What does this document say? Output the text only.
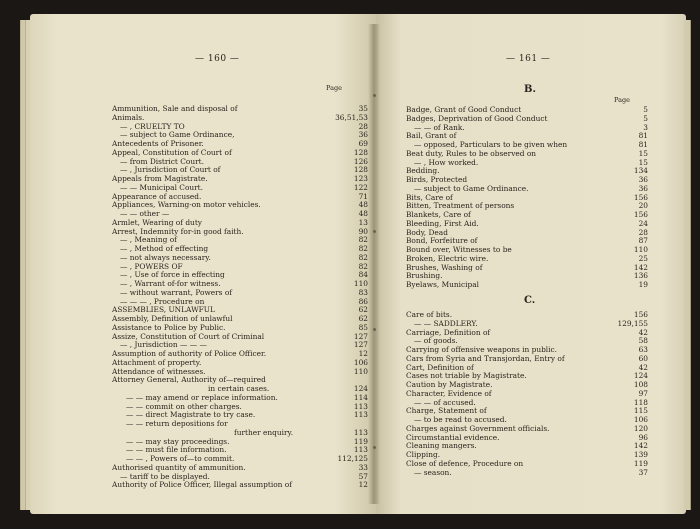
— 160 —
Page
Ammunition, Sale and disposal of	35
Animals.	36,51,53
— , CRUELTY TO	28
— subject to Game Ordinance,	36
Antecedents of Prisoner.	69
Appeal, Constitution of Court of	128
— from District Court.	126
— , Jurisdiction of Court of	128
Appeals from Magistrate.	123
— — Municipal Court.	122
Appearance of accused.	71
Appliances, Warning-on motor vehicles.	48
— — other —	48
Armlet, Wearing of duty	13
Arrest, Indemnity for-in good faith.	90
— , Meaning of	82
— , Method of effecting	82
— not always necessary.	82
— , POWERS OF	82
— , Use of force in effecting	84
— , Warrant of-for witness.	110
— without warrant, Powers of	83
— — — , Procedure on	86
ASSEMBLIES, UNLAWFUL	62
Assembly, Definition of unlawful	62
Assistance to Police by Public.	85
Assize, Constitution of Court of Criminal	127
— , Jurisdiction — — —	127
Assumption of authority of Police Officer.	12
Attachment of property.	106
Attendance of witnesses.	110
Attorney General, Authority of—required
in certain cases.	124
— — may amend or replace information.	114
— — commit on other charges.	113
— — direct Magistrate to try case.	113
— — return depositions for
further enquiry.	113
— — may stay proceedings.	119
— — must file information.	113
— — , Powers of—to commit.	112,125
Authorised quantity of ammunition.	33
— tariff to be displayed.	57
Authority of Police Officer, Illegal assumption of	12
— 161 —
B.
Page
Badge, Grant of Good Conduct	5
Badges, Deprivation of Good Conduct	5
— — of Rank.	3
Bail, Grant of	81
— opposed, Particulars to be given when	81
Beat duty, Rules to be observed on	15
— , How worked.	15
Bedding.	134
Birds, Protected	36
— subject to Game Ordinance.	36
Bits, Care of	156
Bitten, Treatment of persons	20
Blankets, Care of	156
Bleeding, First Aid.	24
Body, Dead	28
Bond, Forfeiture of	87
Bound over, Witnesses to be	110
Broken, Electric wire.	25
Brushes, Washing of	142
Brushing.	136
Byelaws, Municipal	19
C.
Care of bits.	156
— — SADDLERY.	129,155
Carriage, Definition of	42
— of goods.	58
Carrying of offensive weapons in public.	63
Cars from Syria and Transjordan, Entry of	60
Cart, Definition of	42
Cases not triable by Magistrate.	124
Caution by Magistrate.	108
Character, Evidence of	97
— — of accused.	118
Charge, Statement of	115
— to be read to accused.	106
Charges against Government officials.	120
Circumstantial evidence.	96
Cleaning mangers.	142
Clipping.	139
Close of defence, Procedure on	119
— season.	37
